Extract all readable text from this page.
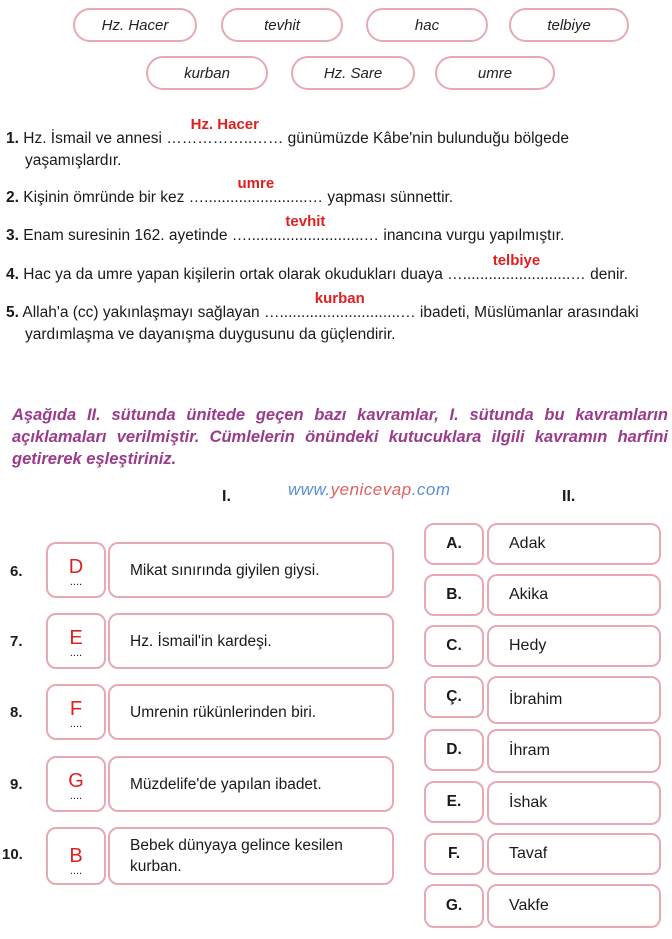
Hz. Hacer	tevhit	hac	telbiye
kurban	Hz. Sare	umre
1. Hz. İsmail ve annesi ……………..……
Hz. Hacer
günümüzde Kâbe'nin bulunduğu bölgede
yaşamışlardır.
2. Kişinin ömründe bir kez …........................…
umre
yapması sünnettir.
3. Enam suresinin 162. ayetinde …...........................…
tevhit
inancına vurgu yapılmıştır.
4. Hac ya da umre yapan kişilerin ortak olarak okudukları duaya ….........................…
telbiye
denir.
5. Allah'a (cc) yakınlaşmayı sağlayan …............................…
kurban
ibadeti, Müslümanlar arasındaki
yardımlaşma ve dayanışma duygusunu da güçlendirir.
Aşağıda II. sütunda ünitede geçen bazı kavramlar, I. sütunda bu kavramların açıklamaları verilmiştir. Cümlelerin önündeki kutucuklara ilgili kavramın harfini getirerek eşleştiriniz.
I.	www.yenicevap.com	II.
6.	D
....
Mikat sınırında giyilen giysi.
7.	E
....
Hz. İsmail'in kardeşi.
8.	F
....
Umrenin rükünlerinden biri.
9.	G
....
Müzdelife'de yapılan ibadet.
10.	B
....
Bebek dünyaya gelince kesilen kurban.
A.	Adak
B.	Akika
C.	Hedy
Ç.	İbrahim
D.	İhram
E.	İshak
F.	Tavaf
G.	Vakfe
